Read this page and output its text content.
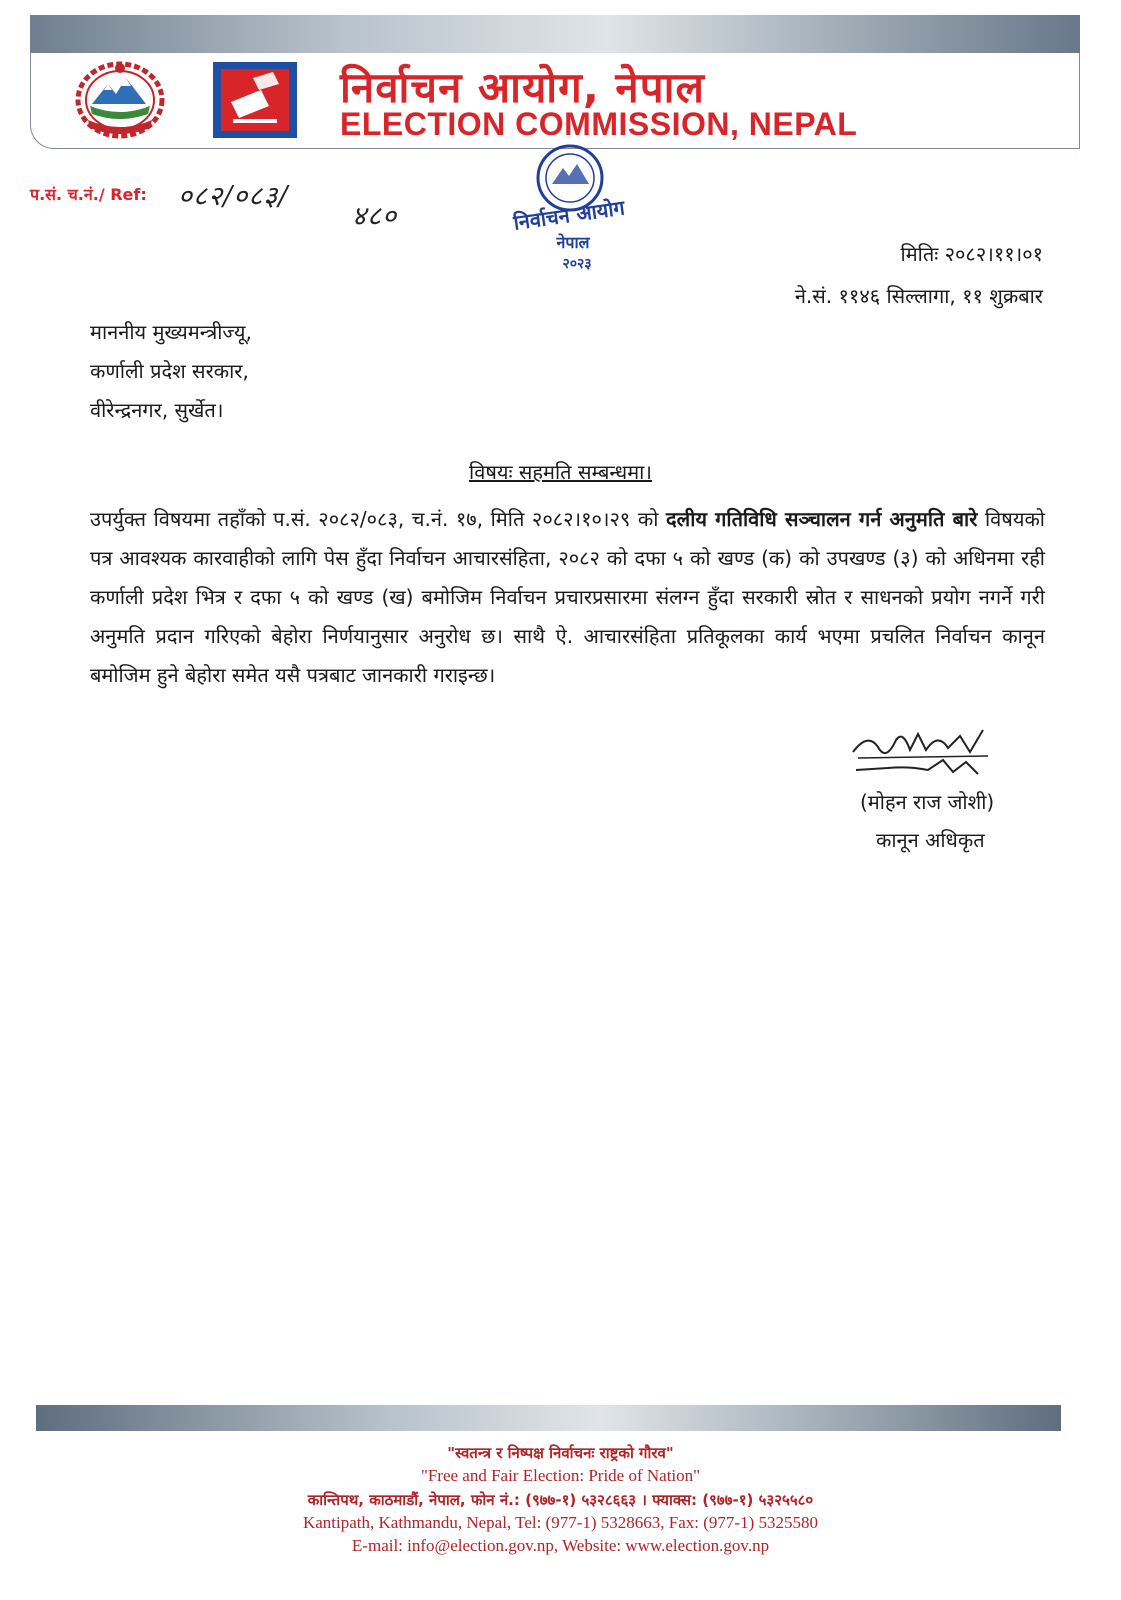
निर्वाचन आयोग, नेपाल
ELECTION COMMISSION, NEPAL
प.सं. च.नं./ Ref: ०८२/०८३/
४८०	निर्वाचन आयोग
नेपाल
२०२३	मितिः २०८२।११।०१
ने.सं. ११४६ सिल्लागा, ११ शुक्रबार
माननीय मुख्यमन्त्रीज्यू,
कर्णाली प्रदेश सरकार,
वीरेन्द्रनगर, सुर्खेत।
विषयः सहमति सम्बन्धमा।
उपर्युक्त विषयमा तहाँको प.सं. २०८२/०८३, च.नं. १७, मिति २०८२।१०।२९ को दलीय गतिविधि सञ्चालन गर्न अनुमति बारे विषयको पत्र आवश्यक कारवाहीको लागि पेस हुँदा निर्वाचन आचारसंहिता, २०८२ को दफा ५ को खण्ड (क) को उपखण्ड (३) को अधिनमा रही कर्णाली प्रदेश भित्र र दफा ५ को खण्ड (ख) बमोजिम निर्वाचन प्रचारप्रसारमा संलग्न हुँदा सरकारी स्रोत र साधनको प्रयोग नगर्ने गरी अनुमति प्रदान गरिएको बेहोरा निर्णयानुसार अनुरोध छ। साथै ऐ. आचारसंहिता प्रतिकूलका कार्य भएमा प्रचलित निर्वाचन कानून बमोजिम हुने बेहोरा समेत यसै पत्रबाट जानकारी गराइन्छ।
(मोहन राज जोशी)
कानून अधिकृत
"स्वतन्त्र र निष्पक्ष निर्वाचनः राष्ट्रको गौरव"
"Free and Fair Election: Pride of Nation"
कान्तिपथ, काठमाडौं, नेपाल, फोन नं.: (९७७-१) ५३२८६६३ । फ्याक्स: (९७७-१) ५३२५५८०
Kantipath, Kathmandu, Nepal, Tel: (977-1) 5328663, Fax: (977-1) 5325580
E-mail: info@election.gov.np, Website: www.election.gov.np
